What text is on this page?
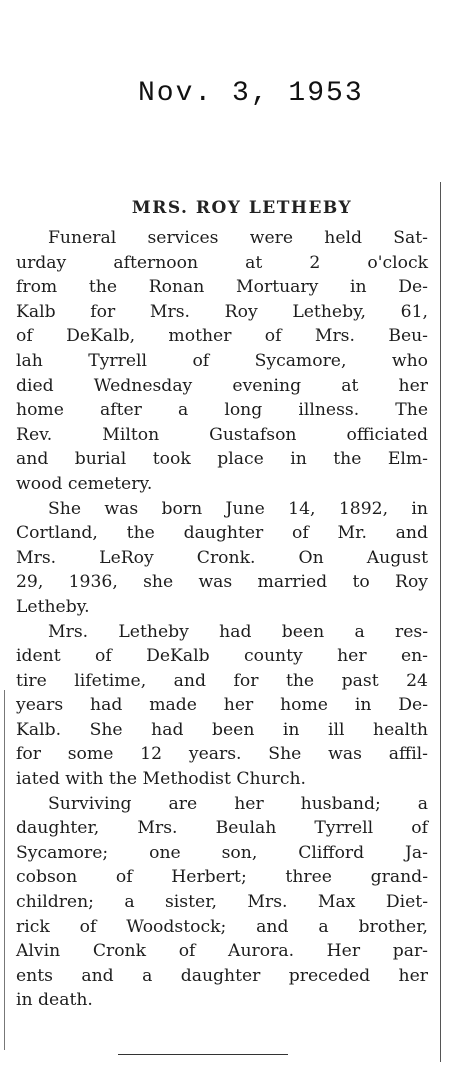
Nov. 3, 1953
MRS. ROY LETHEBY
Funeral services were held Sat-
urday afternoon at 2 o'clock
from the Ronan Mortuary in De-
Kalb for Mrs. Roy Letheby, 61,
of DeKalb, mother of Mrs. Beu-
lah Tyrrell of Sycamore, who
died Wednesday evening at her
home after a long illness. The
Rev. Milton Gustafson officiated
and burial took place in the Elm-
wood cemetery.
She was born June 14, 1892, in
Cortland, the daughter of Mr. and
Mrs. LeRoy Cronk. On August
29, 1936, she was married to Roy
Letheby.
Mrs. Letheby had been a res-
ident of DeKalb county her en-
tire lifetime, and for the past 24
years had made her home in De-
Kalb. She had been in ill health
for some 12 years. She was affil-
iated with the Methodist Church.
Surviving are her husband; a
daughter, Mrs. Beulah Tyrrell of
Sycamore; one son, Clifford Ja-
cobson of Herbert; three grand-
children; a sister, Mrs. Max Diet-
rick of Woodstock; and a brother,
Alvin Cronk of Aurora. Her par-
ents and a daughter preceded her
in death.
